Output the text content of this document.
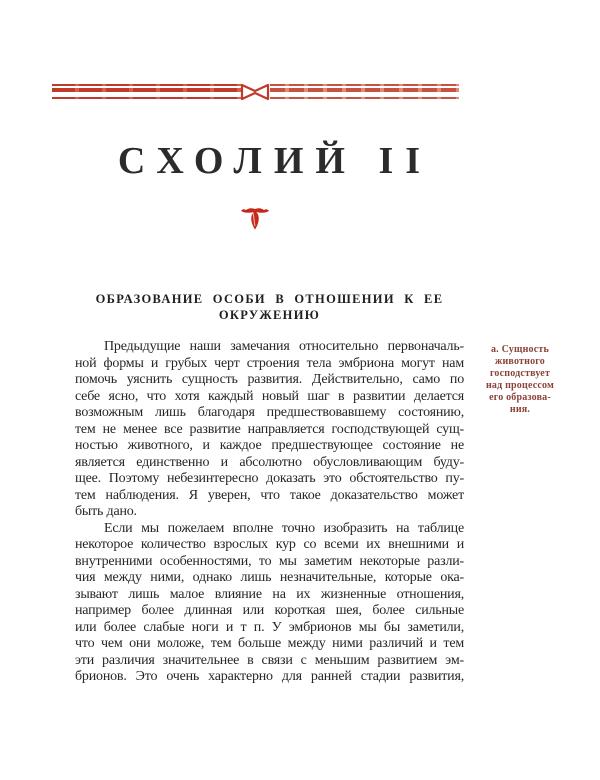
СХОЛИЙ II
ОБРАЗОВАНИЕ ОСОБИ В ОТНОШЕНИИ К ЕЕ
ОКРУЖЕНИЮ
Предыдущие наши замечания относительно первоначаль-
ной формы и грубых черт строения тела эмбриона могут нам
помочь уяснить сущность развития. Действительно, само по
себе ясно, что хотя каждый новый шаг в развитии делается
возможным лишь благодаря предшествовавшему состоянию,
тем не менее все развитие направляется господствующей сущ-
ностью животного, и каждое предшествующее состояние не
является единственно и абсолютно обусловливающим буду-
щее. Поэтому небезинтересно доказать это обстоятельство пу-
тем наблюдения. Я уверен, что такое доказательство может
быть дано.
Если мы пожелаем вполне точно изобразить на таблице
некоторое количество взрослых кур со всеми их внешними и
внутренними особенностями, то мы заметим некоторые разли-
чия между ними, однако лишь незначительные, которые ока-
зывают лишь малое влияние на их жизненные отношения,
например более длинная или короткая шея, более сильные
или более слабые ноги и т п. У эмбрионов мы бы заметили,
что чем они моложе, тем больше между ними различий и тем
эти различия значительнее в связи с меньшим развитием эм-
брионов. Это очень характерно для ранней стадии развития,
а. Сущность
животного
господствует
над процессом
его образова-
ния.
